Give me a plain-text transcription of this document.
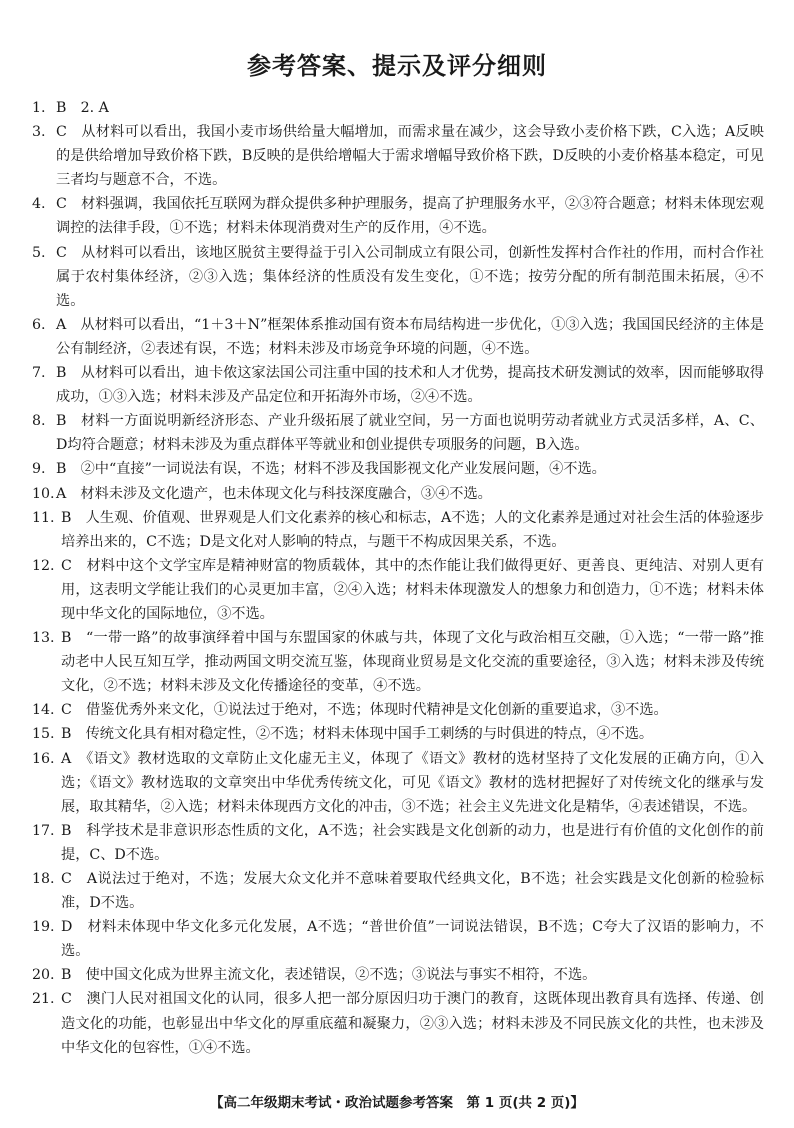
参考答案、提示及评分细则
1. B　2. A
3. C　从材料可以看出，我国小麦市场供给量大幅增加，而需求量在减少，这会导致小麦价格下跌，C入选；A反映的是供给增加导致价格下跌，B反映的是供给增幅大于需求增幅导致价格下跌，D反映的小麦价格基本稳定，可见三者均与题意不合，不选。
4. C　材料强调，我国依托互联网为群众提供多种护理服务，提高了护理服务水平，②③符合题意；材料未体现宏观调控的法律手段，①不选；材料未体现消费对生产的反作用，④不选。
5. C　从材料可以看出，该地区脱贫主要得益于引入公司制成立有限公司，创新性发挥村合作社的作用，而村合作社属于农村集体经济，②③入选；集体经济的性质没有发生变化，①不选；按劳分配的所有制范围未拓展，④不选。
6. A　从材料可以看出，“1＋3＋N”框架体系推动国有资本布局结构进一步优化，①③入选；我国国民经济的主体是公有制经济，②表述有误，不选；材料未涉及市场竞争环境的问题，④不选。
7. B　从材料可以看出，迪卡侬这家法国公司注重中国的技术和人才优势，提高技术研发测试的效率，因而能够取得成功，①③入选；材料未涉及产品定位和开拓海外市场，②④不选。
8. B　材料一方面说明新经济形态、产业升级拓展了就业空间，另一方面也说明劳动者就业方式灵活多样，A、C、D均符合题意；材料未涉及为重点群体平等就业和创业提供专项服务的问题，B入选。
9. B　②中“直接”一词说法有误，不选；材料不涉及我国影视文化产业发展问题，④不选。
10. A　材料未涉及文化遗产，也未体现文化与科技深度融合，③④不选。
11. B　人生观、价值观、世界观是人们文化素养的核心和标志，A不选；人的文化素养是通过对社会生活的体验逐步培养出来的，C不选；D是文化对人影响的特点，与题干不构成因果关系，不选。
12. C　材料中这个文学宝库是精神财富的物质载体，其中的杰作能让我们做得更好、更善良、更纯洁、对别人更有用，这表明文学能让我们的心灵更加丰富，②④入选；材料未体现激发人的想象力和创造力，①不选；材料未体现中华文化的国际地位，③不选。
13. B　“一带一路”的故事演绎着中国与东盟国家的休戚与共，体现了文化与政治相互交融，①入选；“一带一路”推动老中人民互知互学，推动两国文明交流互鉴，体现商业贸易是文化交流的重要途径，③入选；材料未涉及传统文化，②不选；材料未涉及文化传播途径的变革，④不选。
14. C　借鉴优秀外来文化，①说法过于绝对，不选；体现时代精神是文化创新的重要追求，③不选。
15. B　传统文化具有相对稳定性，②不选；材料未体现中国手工刺绣的与时俱进的特点，④不选。
16. A　《语文》教材选取的文章防止文化虚无主义，体现了《语文》教材的选材坚持了文化发展的正确方向，①入选；《语文》教材选取的文章突出中华优秀传统文化，可见《语文》教材的选材把握好了对传统文化的继承与发展，取其精华，②入选；材料未体现西方文化的冲击，③不选；社会主义先进文化是精华，④表述错误，不选。
17. B　科学技术是非意识形态性质的文化，A不选；社会实践是文化创新的动力，也是进行有价值的文化创作的前提，C、D不选。
18. C　A说法过于绝对，不选；发展大众文化并不意味着要取代经典文化，B不选；社会实践是文化创新的检验标准，D不选。
19. D　材料未体现中华文化多元化发展，A不选；“普世价值”一词说法错误，B不选；C夸大了汉语的影响力，不选。
20. B　使中国文化成为世界主流文化，表述错误，②不选；③说法与事实不相符，不选。
21. C　澳门人民对祖国文化的认同，很多人把一部分原因归功于澳门的教育，这既体现出教育具有选择、传递、创造文化的功能，也彰显出中华文化的厚重底蕴和凝聚力，②③入选；材料未涉及不同民族文化的共性，也未涉及中华文化的包容性，①④不选。

【高二年级期末考试・政治试题参考答案　第 1 页(共 2 页)】
